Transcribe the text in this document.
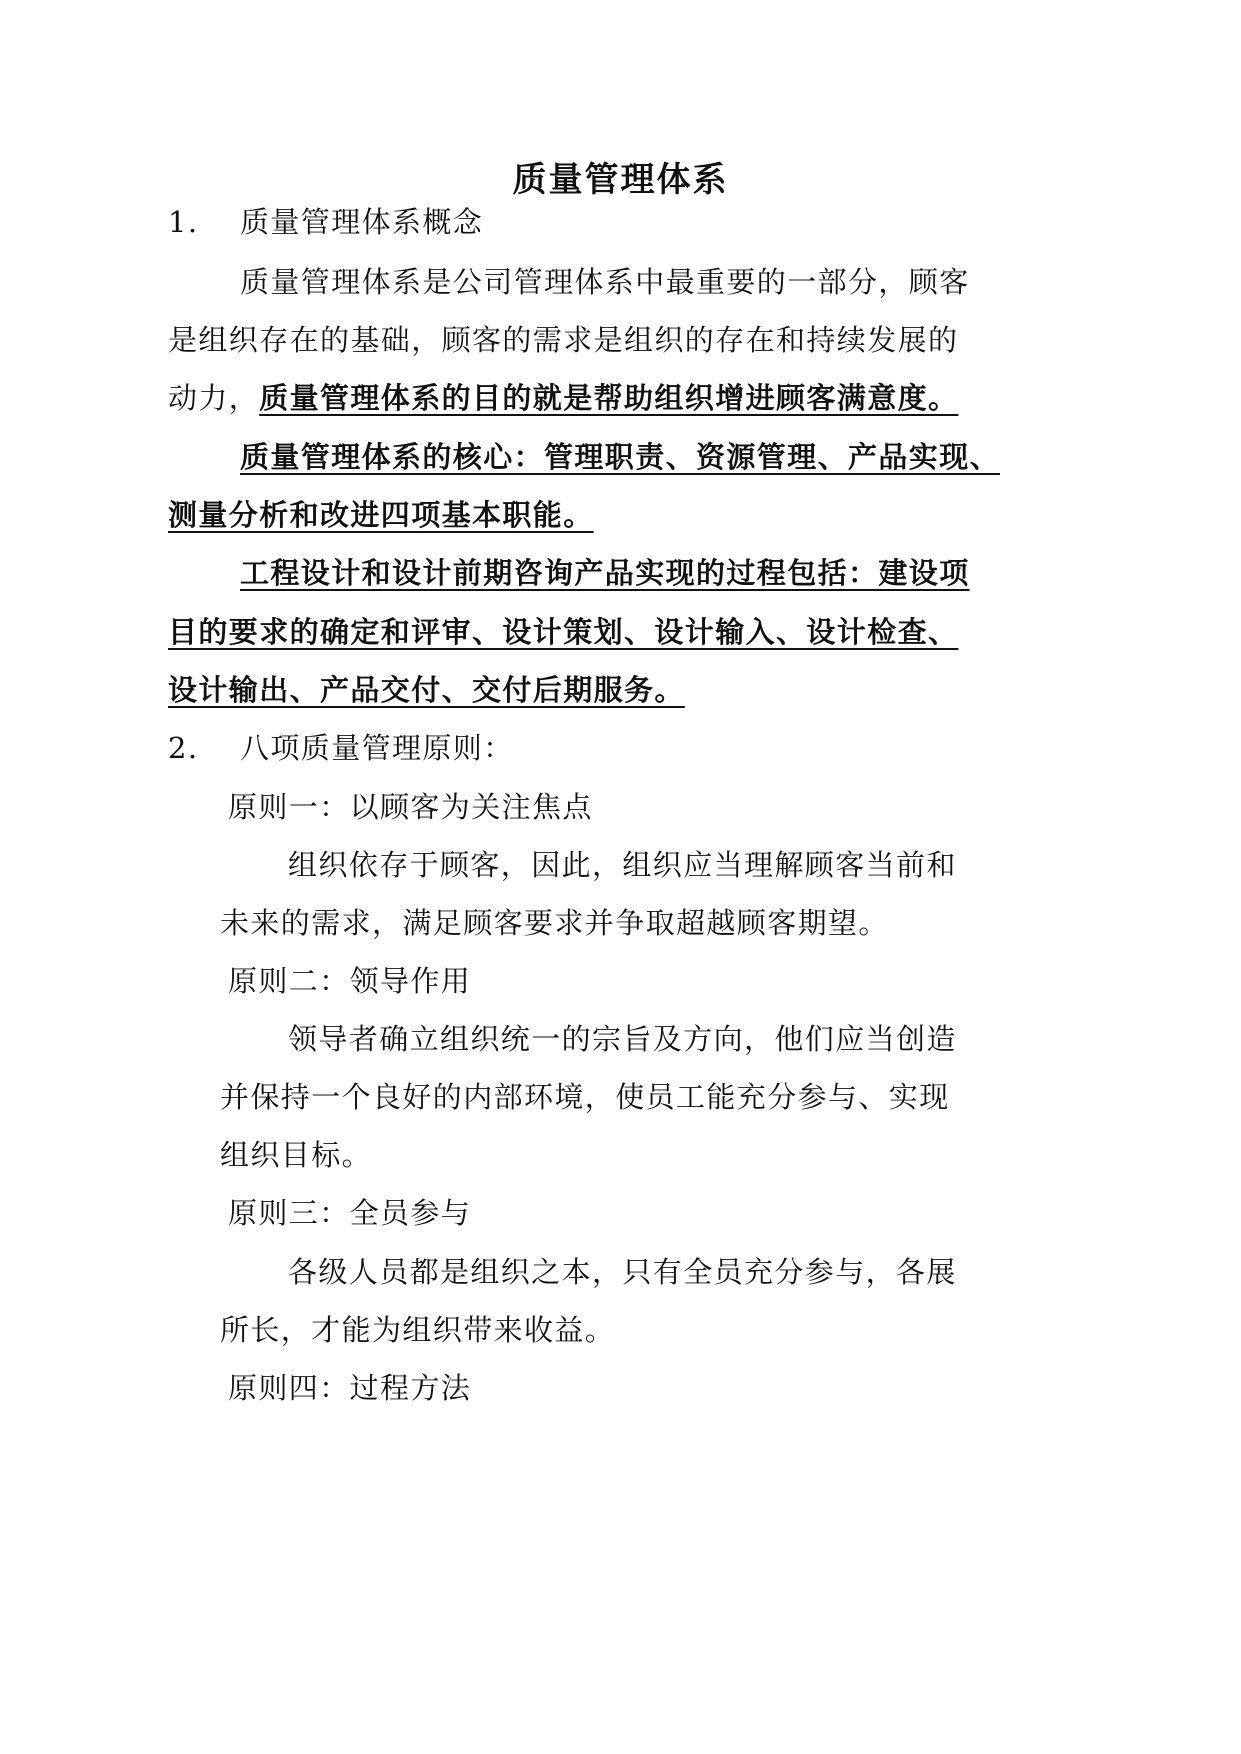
质量管理体系
1. 质量管理体系概念
质量管理体系是公司管理体系中最重要的一部分，顾客
是组织存在的基础，顾客的需求是组织的存在和持续发展的
动力，质量管理体系的目的就是帮助组织增进顾客满意度。
质量管理体系的核心：管理职责、资源管理、产品实现、
测量分析和改进四项基本职能。
工程设计和设计前期咨询产品实现的过程包括：建设项
目的要求的确定和评审、设计策划、设计输入、设计检查、
设计输出、产品交付、交付后期服务。
2. 八项质量管理原则：
原则一：以顾客为关注焦点
组织依存于顾客，因此，组织应当理解顾客当前和
未来的需求，满足顾客要求并争取超越顾客期望。
原则二：领导作用
领导者确立组织统一的宗旨及方向，他们应当创造
并保持一个良好的内部环境，使员工能充分参与、实现
组织目标。
原则三：全员参与
各级人员都是组织之本，只有全员充分参与，各展
所长，才能为组织带来收益。
原则四：过程方法
